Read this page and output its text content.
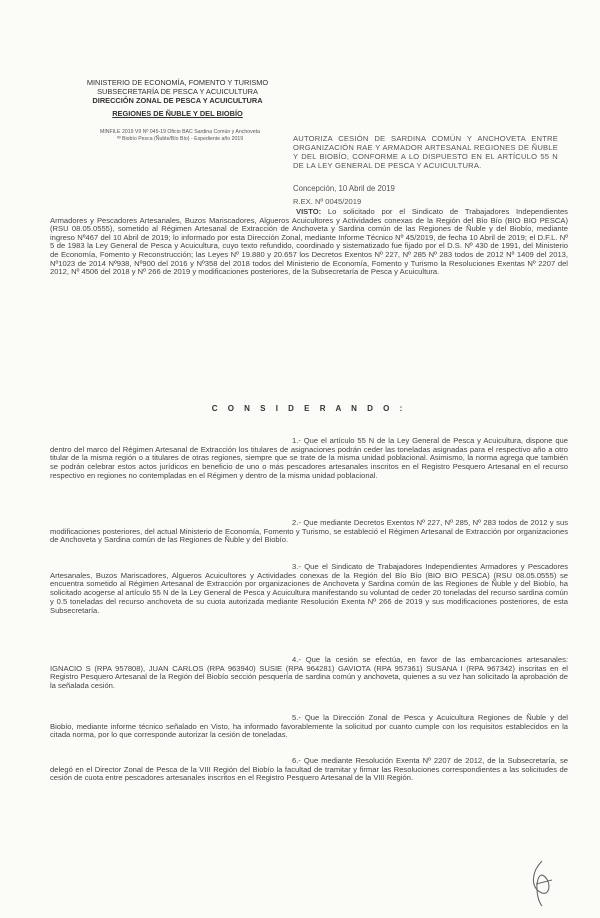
MINISTERIO DE ECONOMÍA, FOMENTO Y TURISMO
SUBSECRETARÍA DE PESCA Y ACUICULTURA
DIRECCIÓN ZONAL DE PESCA Y ACUICULTURA
REGIONES DE ÑUBLE Y DEL BIOBÍO
MINFILE 2019 VII Nº 045-19 Oficio BAC Sardina Común y Anchoveta
ºº Biobío Pesca (Ñuble/Bío Bío) - Expediente año 2019	AUTORIZA CESIÓN DE SARDINA COMÚN Y ANCHOVETA ENTRE ORGANIZACIÓN RAE Y ARMADOR ARTESANAL REGIONES DE ÑUBLE Y DEL BIOBÍO, CONFORME A LO DISPUESTO EN EL ARTÍCULO 55 N DE LA LEY GENERAL DE PESCA Y ACUICULTURA.
Concepción, 10 Abril de 2019
R.EX. Nº 0045/2019
VISTO: Lo solicitado por el Sindicato de Trabajadores Independientes Armadores y Pescadores Artesanales, Buzos Mariscadores, Algueros Acuicultores y Actividades conexas de la Región del Bío Bío (BIO BIO PESCA) (RSU 08.05.0555), sometido al Régimen Artesanal de Extracción de Anchoveta y Sardina común de las Regiones de Ñuble y del Biobío, mediante ingreso Nº467 del 10 Abril de 2019; lo informado por esta Dirección Zonal, mediante Informe Técnico Nº 45/2019, de fecha 10 Abril de 2019; el D.F.L. Nº 5 de 1983 la Ley General de Pesca y Acuicultura, cuyo texto refundido, coordinado y sistematizado fue fijado por el D.S. Nº 430 de 1991, del Ministerio de Economía, Fomento y Reconstrucción; las Leyes Nº 19.880 y 20.657 los Decretos Exentos Nº 227, Nº 285 Nº 283 todos de 2012 Nº 1409 del 2013, Nº1023 de 2014 Nº938, Nº900 del 2016 y Nº358 del 2018 todos del Ministerio de Economía, Fomento y Turismo la Resoluciones Exentas Nº 2207 del 2012, Nº 4506 del 2018 y Nº 266 de 2019 y modificaciones posteriores, de la Subsecretaría de Pesca y Acuicultura.
C O N S I D E R A N D O :
1.- Que el artículo 55 N de la Ley General de Pesca y Acuicultura, dispone que dentro del marco del Régimen Artesanal de Extracción los titulares de asignaciones podrán ceder las toneladas asignadas para el respectivo año a otro titular de la misma región o a titulares de otras regiones, siempre que se trate de la misma unidad poblacional. Asimismo, la norma agrega que también se podrán celebrar estos actos jurídicos en beneficio de uno o más pescadores artesanales inscritos en el Registro Pesquero Artesanal en el recurso respectivo en regiones no contempladas en el Régimen y dentro de la misma unidad poblacional.
2.- Que mediante Decretos Exentos Nº 227, Nº 285, Nº 283 todos de 2012 y sus modificaciones posteriores, del actual Ministerio de Economía, Fomento y Turismo, se estableció el Régimen Artesanal de Extracción por organizaciones de Anchoveta y Sardina común de las Regiones de Ñuble y del Biobío.
3.- Que el Sindicato de Trabajadores Independientes Armadores y Pescadores Artesanales, Buzos Mariscadores, Algueros Acuicultores y Actividades conexas de la Región del Bío Bío (BIO BIO PESCA) (RSU 08.05.0555) se encuentra sometido al Régimen Artesanal de Extracción por organizaciones de Anchoveta y Sardina común de las Regiones de Ñuble y del Biobío, ha solicitado acogerse al artículo 55 N de la Ley General de Pesca y Acuicultura manifestando su voluntad de ceder 20 toneladas del recurso sardina común y 0.5 toneladas del recurso anchoveta de su cuota autorizada mediante Resolución Exenta Nº 266 de 2019 y sus modificaciones posteriores, de esta Subsecretaría.
4.- Que la cesión se efectúa, en favor de las embarcaciones artesanales: IGNACIO S (RPA 957808), JUAN CARLOS (RPA 963940) SUSIE (RPA 964281) GAVIOTA (RPA 957361) SUSANA I (RPA 967342) inscritas en el Registro Pesquero Artesanal de la Región del Biobío sección pesquería de sardina común y anchoveta, quienes a su vez han solicitado la aprobación de la señalada cesión.
5.- Que la Dirección Zonal de Pesca y Acuicultura Regiones de Ñuble y del Biobío, mediante informe técnico señalado en Visto, ha informado favorablemente la solicitud por cuanto cumple con los requisitos establecidos en la citada norma, por lo que corresponde autorizar la cesión de toneladas.
6.- Que mediante Resolución Exenta Nº 2207 de 2012, de la Subsecretaría, se delegó en el Director Zonal de Pesca de la VIII Región del Biobío la facultad de tramitar y firmar las Resoluciones correspondientes a las solicitudes de cesión de cuota entre pescadores artesanales inscritos en el Registro Pesquero Artesanal de la VIII Región.
